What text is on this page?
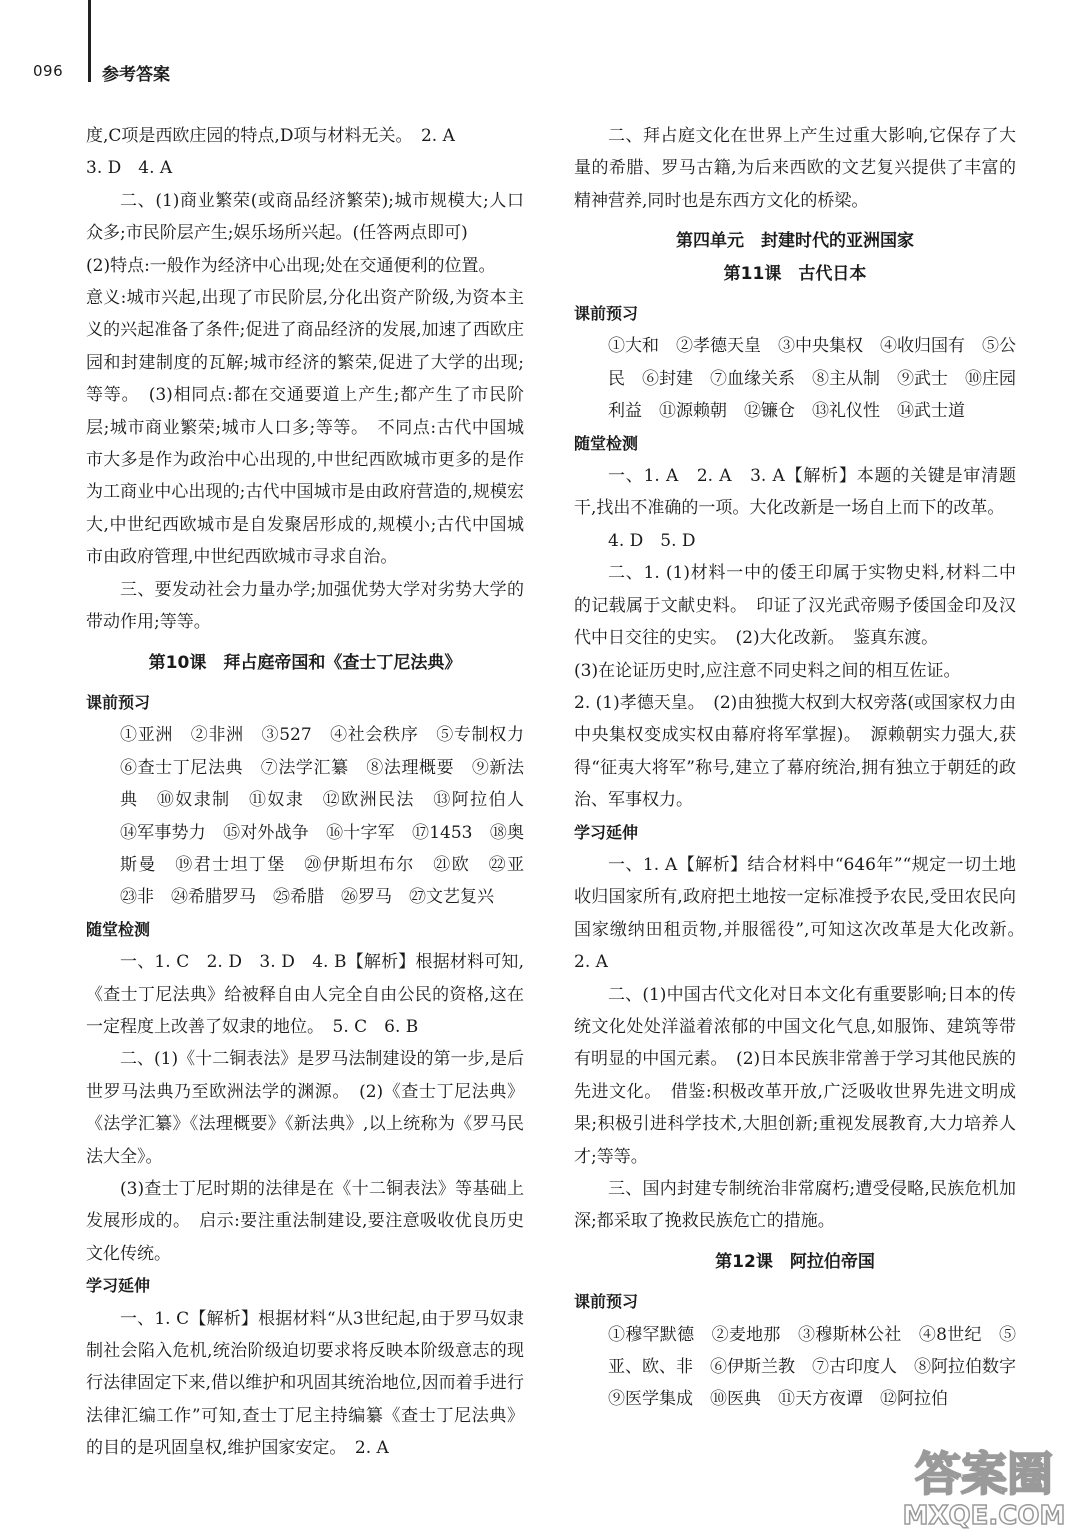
096 参考答案

度,C项是西欧庄园的特点,D项与材料无关。　2. A

3. D　4. A

二、(1)商业繁荣(或商品经济繁荣);城市规模大;人口众多;市民阶层产生;娱乐场所兴起。(任答两点即可)

(2)特点:一般作为经济中心出现;处在交通便利的位置。

意义:城市兴起,出现了市民阶层,分化出资产阶级,为资本主义的兴起准备了条件;促进了商品经济的发展,加速了西欧庄园和封建制度的瓦解;城市经济的繁荣,促进了大学的出现;等等。　(3)相同点:都在交通要道上产生;都产生了市民阶层;城市商业繁荣;城市人口多;等等。　不同点:古代中国城市大多是作为政治中心出现的,中世纪西欧城市更多的是作为工商业中心出现的;古代中国城市是由政府营造的,规模宏大,中世纪西欧城市是自发聚居形成的,规模小;古代中国城市由政府管理,中世纪西欧城市寻求自治。

三、要发动社会力量办学;加强优势大学对劣势大学的带动作用;等等。

第10课　拜占庭帝国和《查士丁尼法典》

课前预习

①亚洲　②非洲　③527　④社会秩序　⑤专制权力　⑥查士丁尼法典　⑦法学汇纂　⑧法理概要　⑨新法典　⑩奴隶制　⑪奴隶　⑫欧洲民法　⑬阿拉伯人　⑭军事势力　⑮对外战争　⑯十字军　⑰1453　⑱奥斯曼　⑲君士坦丁堡　⑳伊斯坦布尔　㉑欧　㉒亚　㉓非　㉔希腊罗马　㉕希腊　㉖罗马　㉗文艺复兴

随堂检测

一、1. C　2. D　3. D　4. B【解析】根据材料可知,《查士丁尼法典》给被释自由人完全自由公民的资格,这在一定程度上改善了奴隶的地位。　5. C　6. B

二、(1)《十二铜表法》是罗马法制建设的第一步,是后世罗马法典乃至欧洲法学的渊源。　(2)《查士丁尼法典》《法学汇纂》《法理概要》《新法典》,以上统称为《罗马民法大全》。

(3)查士丁尼时期的法律是在《十二铜表法》等基础上发展形成的。　启示:要注重法制建设,要注意吸收优良历史文化传统。

学习延伸

一、1. C【解析】根据材料“从3世纪起,由于罗马奴隶制社会陷入危机,统治阶级迫切要求将反映本阶级意志的现行法律固定下来,借以维护和巩固其统治地位,因而着手进行法律汇编工作”可知,查士丁尼主持编纂《查士丁尼法典》的目的是巩固皇权,维护国家安定。　2. A

二、拜占庭文化在世界上产生过重大影响,它保存了大量的希腊、罗马古籍,为后来西欧的文艺复兴提供了丰富的精神营养,同时也是东西方文化的桥梁。

第四单元　封建时代的亚洲国家

第11课　古代日本

课前预习

①大和　②孝德天皇　③中央集权　④收归国有　⑤公民　⑥封建　⑦血缘关系　⑧主从制　⑨武士　⑩庄园利益　⑪源赖朝　⑫镰仓　⑬礼仪性　⑭武士道

随堂检测

一、1. A　2. A　3. A【解析】本题的关键是审清题干,找出不准确的一项。大化改新是一场自上而下的改革。

4. D　5. D

二、1. (1)材料一中的倭王印属于实物史料,材料二中的记载属于文献史料。　印证了汉光武帝赐予倭国金印及汉代中日交往的史实。　(2)大化改新。　鉴真东渡。

(3)在论证历史时,应注意不同史料之间的相互佐证。

2. (1)孝德天皇。　(2)由独揽大权到大权旁落(或国家权力由中央集权变成实权由幕府将军掌握)。　源赖朝实力强大,获得“征夷大将军”称号,建立了幕府统治,拥有独立于朝廷的政治、军事权力。

学习延伸

一、1. A【解析】结合材料中“646年”“规定一切土地收归国家所有,政府把土地按一定标准授予农民,受田农民向国家缴纳田租贡物,并服徭役”,可知这次改革是大化改新。　2. A

二、(1)中国古代文化对日本文化有重要影响;日本的传统文化处处洋溢着浓郁的中国文化气息,如服饰、建筑等带有明显的中国元素。　(2)日本民族非常善于学习其他民族的先进文化。　借鉴:积极改革开放,广泛吸收世界先进文明成果;积极引进科学技术,大胆创新;重视发展教育,大力培养人才;等等。

三、国内封建专制统治非常腐朽;遭受侵略,民族危机加深;都采取了挽救民族危亡的措施。

第12课　阿拉伯帝国

课前预习

①穆罕默德　②麦地那　③穆斯林公社　④8世纪　⑤亚、欧、非　⑥伊斯兰教　⑦古印度人　⑧阿拉伯数字　⑨医学集成　⑩医典　⑪天方夜谭　⑫阿拉伯

答案圈
MXQE.COM
